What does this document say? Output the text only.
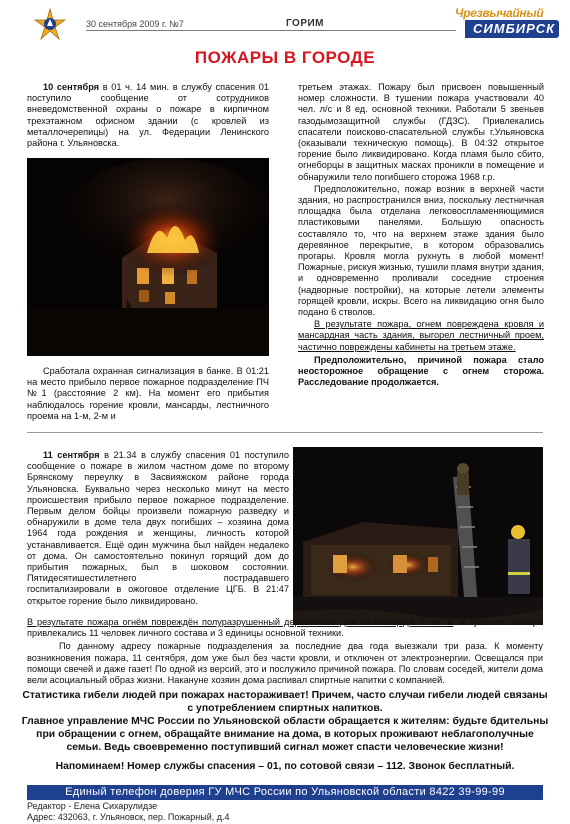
30 сентября 2009 г. №7	ГОРИМ
Чрезвычайный
СИМБИРСК
ПОЖАРЫ В ГОРОДЕ

10 сентября в 01 ч. 14 мин. в службу спасения 01 поступило сообщение от сотрудников вневедомственной охраны о пожаре в кирпичном трехэтажном офисном здании (с кровлей из металлочерепицы) на ул. Федерации Ленинского района г. Ульяновска.

Сработала охранная сигнализация в банке. В 01:21 на место прибыло первое пожарное подразделение ПЧ №1 (расстояние 2 км). На момент его прибытия наблюдалось горение кровли, мансарды, лестничного проема на 1-м, 2-м и

третьем этажах. Пожару был присвоен повышенный номер сложности. В тушении пожара участвовали 40 чел. л/с и 8 ед. основной техники. Работали 5 звеньев газодымозащитной службы (ГДЗС). Привлекались спасатели поисково-спасательной службы г.Ульяновска (оказывали техническую помощь). В 04:32 открытое горение было ликвидировано. Когда пламя было сбито, огнеборцы в защитных масках проникли в помещение и обнаружили тело погибшего сторожа 1968 г.р.

Предположительно, пожар возник в верхней части здания, но распространился вниз, поскольку лестничная площадка была отделана легковоспламеняющимися пластиковыми панелями. Большую опасность составляло то, что на верхнем этаже здания было деревянное перекрытие, в котором образовались прогары. Кровля могла рухнуть в любой момент! Пожарные, рискуя жизнью, тушили пламя внутри здания, и одновременно проливали соседние строения (надворные постройки), на которые летели элементы горящей кровли, искры. Всего на ликвидацию огня было подано 6 стволов.

В результате пожара, огнем повреждена кровля и мансардная часть здания, выгорел лестничный проем, частично повреждены кабинеты на третьем этаже.

Предположительно, причиной пожара стало неосторожное обращение с огнем сторожа. Расследование продолжается.

11 сентября в 21.34 в службу спасения 01 поступило сообщение о пожаре в жилом частном доме по второму Брянскому переулку в Засвияжском районе города Ульяновска. Буквально через несколько минут на место происшествия прибыло первое пожарное подразделение. Первым делом бойцы произвели пожарную разведку и обнаружили в доме тела двух погибших – хозяина дома 1964 года рождения и женщины, личность которой устанавливается. Ещё один мужчина был найден недалеко от дома. Он самостоятельно покинул горящий дом до прибытия пожарных, был в шоковом состоянии. Пятидесятишестилетнего пострадавшего госпитализировали в ожоговое отделение ЦГБ. В 21:47 открытое горение было ликвидировано.

В результате пожара огнём повреждён полуразрушенный деревянный дом на площади 10 кв. м. К тушению пожара привлекались 11 человек личного состава и 3 единицы основной техники.

По данному адресу пожарные подразделения за последние два года выезжали три раза. К моменту возникновения пожара, 11 сентября, дом уже был без части кровли, и отключен от электроэнергии. Освещался при помощи свечей и даже газет! По одной из версий, это и послужило причиной пожара. По словам соседей, жители дома вели асоциальный образ жизни. Накануне хозяин дома распивал спиртные напитки с компанией.

Статистика гибели людей при пожарах настораживает! Причем, часто случаи гибели людей связаны с употреблением спиртных напитков.
Главное управление МЧС России по Ульяновской области обращается к жителям: будьте бдительны при обращении с огнем, обращайте внимание на дома, в которых проживают неблагополучные семьи. Ведь своевременно поступивший сигнал может спасти человеческие жизни!
Напоминаем! Номер службы спасения – 01, по сотовой связи – 112. Звонок бесплатный.
Единый телефон доверия ГУ МЧС России по Ульяновской области 8422 39-99-99
Редактор - Елена Сихарулидзе
Адрес: 432063, г. Ульяновск, пер. Пожарный, д.4
